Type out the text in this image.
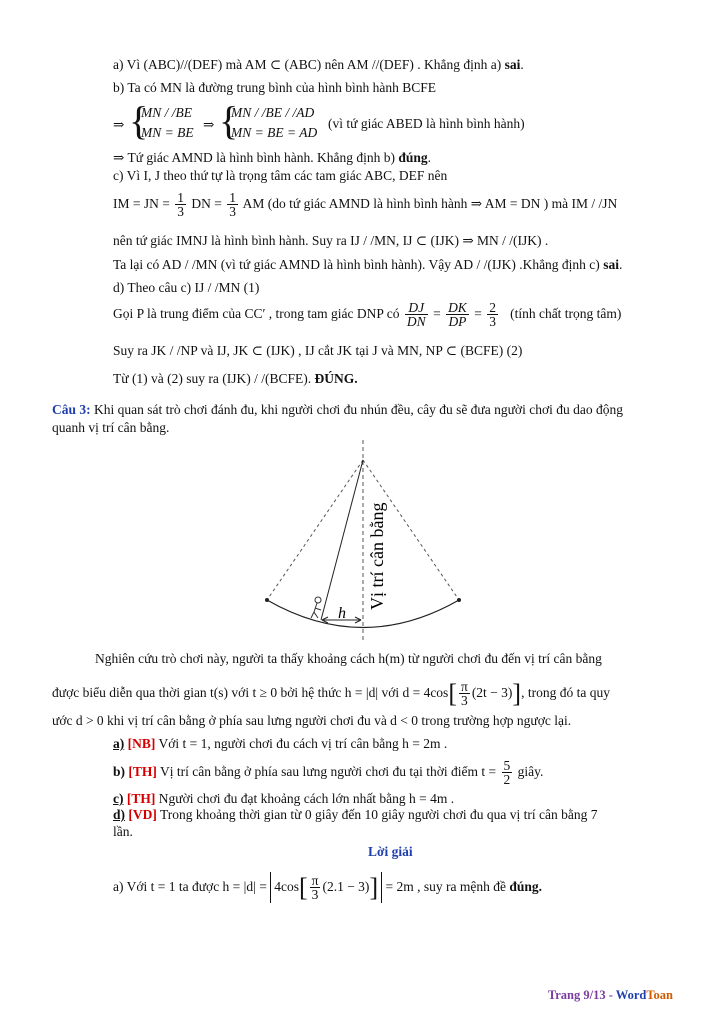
a) Vì (ABC)//(DEF) mà AM ⊂ (ABC) nên AM //(DEF) . Khẳng định a) sai.
b) Ta có MN là đường trung bình của hình bình hành BCFE
⇒ {
MN / /BE
MN = BE
⇒ {
MN / /BE / /AD
MN = BE = AD
(vì tứ giác ABED là hình bình hành)
⇒ Tứ giác AMND là hình bình hành. Khẳng định b) đúng.
c) Vì I, J theo thứ tự là trọng tâm các tam giác ABC, DEF nên
IM = JN = $\frac{1}{3}$ DN = $\frac{1}{3}$ AM (do tứ giác AMND là hình bình hành ⇒ AM = DN ) mà IM / /JN
nên tứ giác IMNJ là hình bình hành. Suy ra IJ / /MN, IJ ⊂ (IJK) ⇒ MN / /(IJK) .
Ta lại có AD / /MN (vì tứ giác AMND là hình bình hành). Vậy AD / /(IJK) .Khẳng định c) sai.
d) Theo câu c) IJ / /MN (1)
Gọi P là trung điểm của CC′ , trong tam giác DNP có $\frac{DJ}{DN} = \frac{DK}{DP} = \frac{2}{3}$ (tính chất trọng tâm)
Suy ra JK / /NP và IJ, JK ⊂ (IJK) , IJ cắt JK tại J và MN, NP ⊂ (BCFE) (2)
Từ (1) và (2) suy ra (IJK) / /(BCFE). ĐÚNG.
Câu 3: Khi quan sát trò chơi đánh đu, khi người chơi đu nhún đều, cây đu sẽ đưa người chơi đu dao động
quanh vị trí cân bằng.
h
Vị trí cân bằng
Nghiên cứu trò chơi này, người ta thấy khoảng cách h(m) từ người chơi đu đến vị trí cân bằng
được biểu diễn qua thời gian t(s) với t ≥ 0 bởi hệ thức h = |d| với $d = 4\cos[ \frac{\pi}{3} (2t - 3)]$, trong đó ta quy
ước d > 0 khi vị trí cân bằng ở phía sau lưng người chơi đu và d < 0 trong trường hợp ngược lại.
a) [NB] Với t = 1, người chơi đu cách vị trí cân bằng h = 2m .
b) [TH] Vị trí cân bằng ở phía sau lưng người chơi đu tại thời điểm $t = \frac{5}{2}$ giây.
c) [TH] Người chơi đu đạt khoảng cách lớn nhất bằng h = 4m .
d) [VD] Trong khoảng thời gian từ 0 giây đến 10 giây người chơi đu qua vị trí cân bằng 7
lần.
Lời giải
a) Với t = 1 ta được $h = |d| = 4\cos[ \frac{\pi}{3} (2.1 - 3)] = 2m$ , suy ra mệnh đề đúng.
Trang 9/13 - WordToan
